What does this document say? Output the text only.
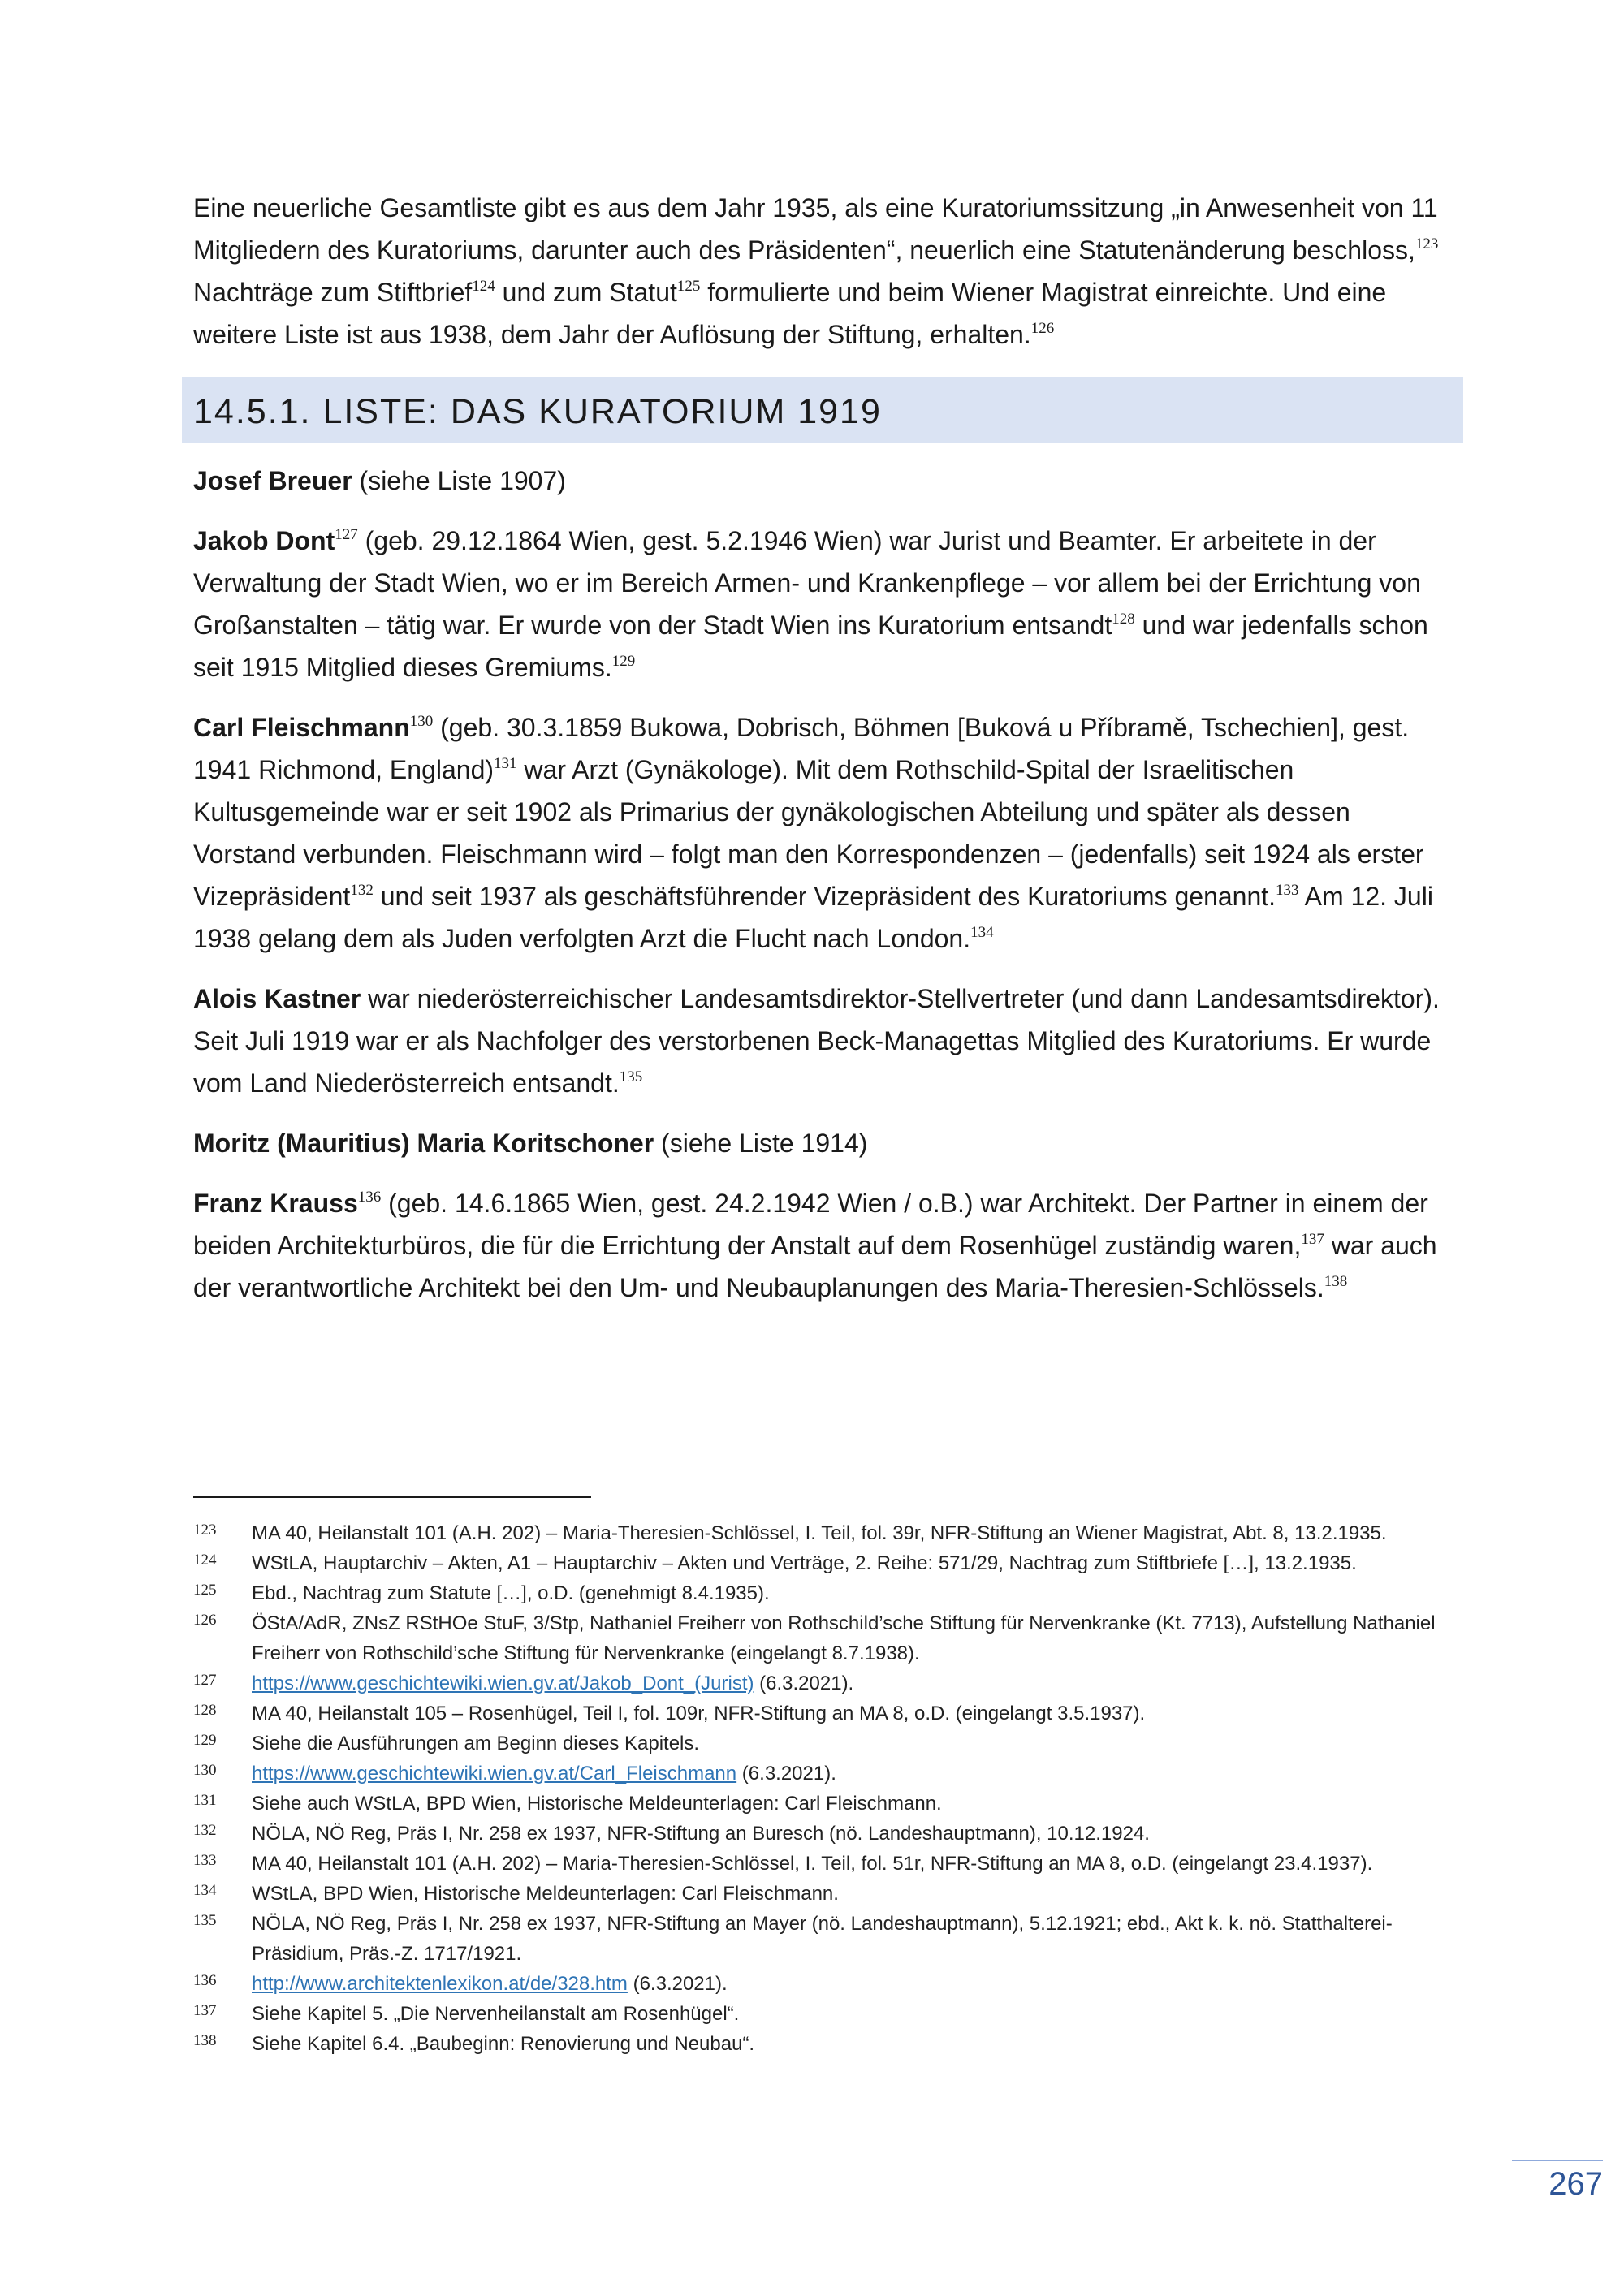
Eine neuerliche Gesamtliste gibt es aus dem Jahr 1935, als eine Kuratoriumssitzung „in Anwesenheit von 11 Mitgliedern des Kuratoriums, darunter auch des Präsidenten“, neuerlich eine Statutenänderung beschloss,$^{123}$ Nachträge zum Stiftbrief$^{124}$ und zum Statut$^{125}$ formulierte und beim Wiener Magistrat einreichte. Und eine weitere Liste ist aus 1938, dem Jahr der Auflösung der Stiftung, erhalten.$^{126}$

14.5.1. LISTE: DAS KURATORIUM 1919

Josef Breuer (siehe Liste 1907)

Jakob Dont$^{127}$ (geb. 29.12.1864 Wien, gest. 5.2.1946 Wien) war Jurist und Beamter. Er arbeitete in der Verwaltung der Stadt Wien, wo er im Bereich Armen- und Krankenpflege – vor allem bei der Errichtung von Großanstalten – tätig war. Er wurde von der Stadt Wien ins Kuratorium entsandt$^{128}$ und war jedenfalls schon seit 1915 Mitglied dieses Gremiums.$^{129}$

Carl Fleischmann$^{130}$ (geb. 30.3.1859 Bukowa, Dobrisch, Böhmen [Buková u Příbramě, Tschechien], gest. 1941 Richmond, England)$^{131}$ war Arzt (Gynäkologe). Mit dem Rothschild-Spital der Israelitischen Kultusgemeinde war er seit 1902 als Primarius der gynäkologischen Abteilung und später als dessen Vorstand verbunden. Fleischmann wird – folgt man den Korrespondenzen – (jedenfalls) seit 1924 als erster Vizepräsident$^{132}$ und seit 1937 als geschäftsführender Vizepräsident des Kuratoriums genannt.$^{133}$ Am 12. Juli 1938 gelang dem als Juden verfolgten Arzt die Flucht nach London.$^{134}$

Alois Kastner war niederösterreichischer Landesamtsdirektor-Stellvertreter (und dann Landesamtsdirektor). Seit Juli 1919 war er als Nachfolger des verstorbenen Beck-Managettas Mitglied des Kuratoriums. Er wurde vom Land Niederösterreich entsandt.$^{135}$

Moritz (Mauritius) Maria Koritschoner (siehe Liste 1914)

Franz Krauss$^{136}$ (geb. 14.6.1865 Wien, gest. 24.2.1942 Wien / o.B.) war Architekt. Der Partner in einem der beiden Architekturbüros, die für die Errichtung der Anstalt auf dem Rosenhügel zuständig waren,$^{137}$ war auch der verantwortliche Architekt bei den Um- und Neubauplanungen des Maria-Theresien-Schlössels.$^{138}$

123	MA 40, Heilanstalt 101 (A.H. 202) – Maria-Theresien-Schlössel, I. Teil, fol. 39r, NFR-Stiftung an Wiener Magistrat, Abt. 8, 13.2.1935.
124	WStLA, Hauptarchiv – Akten, A1 – Hauptarchiv – Akten und Verträge, 2. Reihe: 571/29, Nachtrag zum Stiftbriefe […], 13.2.1935.
125	Ebd., Nachtrag zum Statute […], o.D. (genehmigt 8.4.1935).
126	ÖStA/AdR, ZNsZ RStHOe StuF, 3/Stp, Nathaniel Freiherr von Rothschild’sche Stiftung für Nervenkranke (Kt. 7713), Aufstellung Nathaniel Freiherr von Rothschild’sche Stiftung für Nervenkranke (eingelangt 8.7.1938).
127	https://www.geschichtewiki.wien.gv.at/Jakob_Dont_(Jurist) (6.3.2021).
128	MA 40, Heilanstalt 105 – Rosenhügel, Teil I, fol. 109r, NFR-Stiftung an MA 8, o.D. (eingelangt 3.5.1937).
129	Siehe die Ausführungen am Beginn dieses Kapitels.
130	https://www.geschichtewiki.wien.gv.at/Carl_Fleischmann (6.3.2021).
131	Siehe auch WStLA, BPD Wien, Historische Meldeunterlagen: Carl Fleischmann.
132	NÖLA, NÖ Reg, Präs I, Nr. 258 ex 1937, NFR-Stiftung an Buresch (nö. Landeshauptmann), 10.12.1924.
133	MA 40, Heilanstalt 101 (A.H. 202) – Maria-Theresien-Schlössel, I. Teil, fol. 51r, NFR-Stiftung an MA 8, o.D. (eingelangt 23.4.1937).
134	WStLA, BPD Wien, Historische Meldeunterlagen: Carl Fleischmann.
135	NÖLA, NÖ Reg, Präs I, Nr. 258 ex 1937, NFR-Stiftung an Mayer (nö. Landeshauptmann), 5.12.1921; ebd., Akt k. k. nö. Statthalterei-Präsidium, Präs.-Z. 1717/1921.
136	http://www.architektenlexikon.at/de/328.htm (6.3.2021).
137	Siehe Kapitel 5. „Die Nervenheilanstalt am Rosenhügel“.
138	Siehe Kapitel 6.4. „Baubeginn: Renovierung und Neubau“.
267
